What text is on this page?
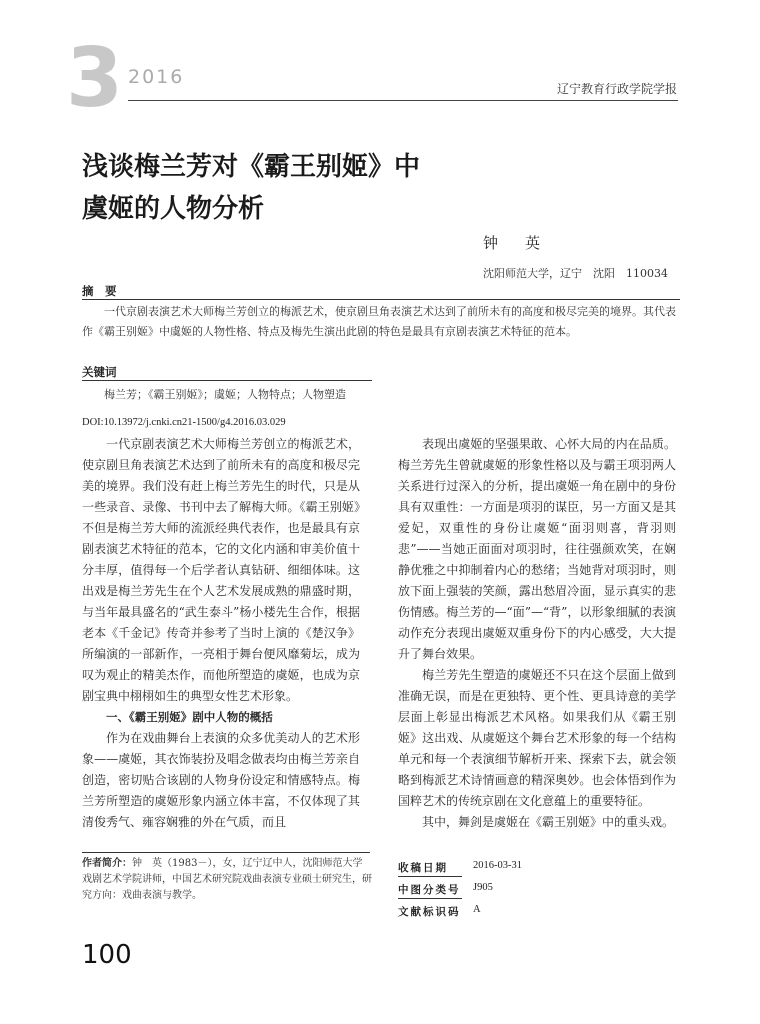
3 2016
辽宁教育行政学院学报
浅谈梅兰芳对《霸王别姬》中
虞姬的人物分析
钟　英
沈阳师范大学，辽宁　沈阳　110034
摘　要
一代京剧表演艺术大师梅兰芳创立的梅派艺术，使京剧旦角表演艺术达到了前所未有的高度和极尽完美的境界。其代表作《霸王别姬》中虞姬的人物性格、特点及梅先生演出此剧的特色是最具有京剧表演艺术特征的范本。
关键词
梅兰芳；《霸王别姬》；虞姬；人物特点；人物塑造
DOI:10.13972/j.cnki.cn21-1500/g4.2016.03.029

一代京剧表演艺术大师梅兰芳创立的梅派艺术，使京剧旦角表演艺术达到了前所未有的高度和极尽完美的境界。我们没有赶上梅兰芳先生的时代，只是从一些录音、录像、书刊中去了解梅大师。《霸王别姬》不但是梅兰芳大师的流派经典代表作，也是最具有京剧表演艺术特征的范本，它的文化内涵和审美价值十分丰厚，值得每一个后学者认真钻研、细细体味。这出戏是梅兰芳先生在个人艺术发展成熟的鼎盛时期，与当年最具盛名的“武生泰斗”杨小楼先生合作，根据老本《千金记》传奇并参考了当时上演的《楚汉争》所编演的一部新作，一亮相于舞台便风靡菊坛，成为叹为观止的精美杰作，而他所塑造的虞姬，也成为京剧宝典中栩栩如生的典型女性艺术形象。

一、《霸王别姬》剧中人物的概括

作为在戏曲舞台上表演的众多优美动人的艺术形象——虞姬，其衣饰装扮及唱念做表均由梅兰芳亲自创造，密切贴合该剧的人物身份设定和情感特点。梅兰芳所塑造的虞姬形象内涵立体丰富，不仅体现了其清俊秀气、雍容娴雅的外在气质，而且

表现出虞姬的坚强果敢、心怀大局的内在品质。梅兰芳先生曾就虞姬的形象性格以及与霸王项羽两人关系进行过深入的分析，提出虞姬一角在剧中的身份具有双重性：一方面是项羽的谋臣，另一方面又是其爱妃，双重性的身份让虞姬“面羽则喜，背羽则悲”——当她正面面对项羽时，往往强颜欢笑，在娴静优雅之中抑制着内心的愁绪；当她背对项羽时，则放下面上强装的笑颜，露出愁眉冷面，显示真实的悲伤情感。梅兰芳的—“面”—“背”，以形象细腻的表演动作充分表现出虞姬双重身份下的内心感受，大大提升了舞台效果。

梅兰芳先生塑造的虞姬还不只在这个层面上做到准确无误，而是在更独特、更个性、更具诗意的美学层面上彰显出梅派艺术风格。如果我们从《霸王别姬》这出戏、从虞姬这个舞台艺术形象的每一个结构单元和每一个表演细节解析开来、探索下去，就会领略到梅派艺术诗情画意的精深奥妙。也会体悟到作为国粹艺术的传统京剧在文化意蕴上的重要特征。

其中，舞剑是虞姬在《霸王别姬》中的重头戏。

作者简介：钟　英（1983－），女，辽宁辽中人，沈阳师范大学戏剧艺术学院讲师，中国艺术研究院戏曲表演专业硕士研究生，研究方向：戏曲表演与教学。
收稿日期 2016-03-31
中图分类号 J905
文献标识码 A
100
